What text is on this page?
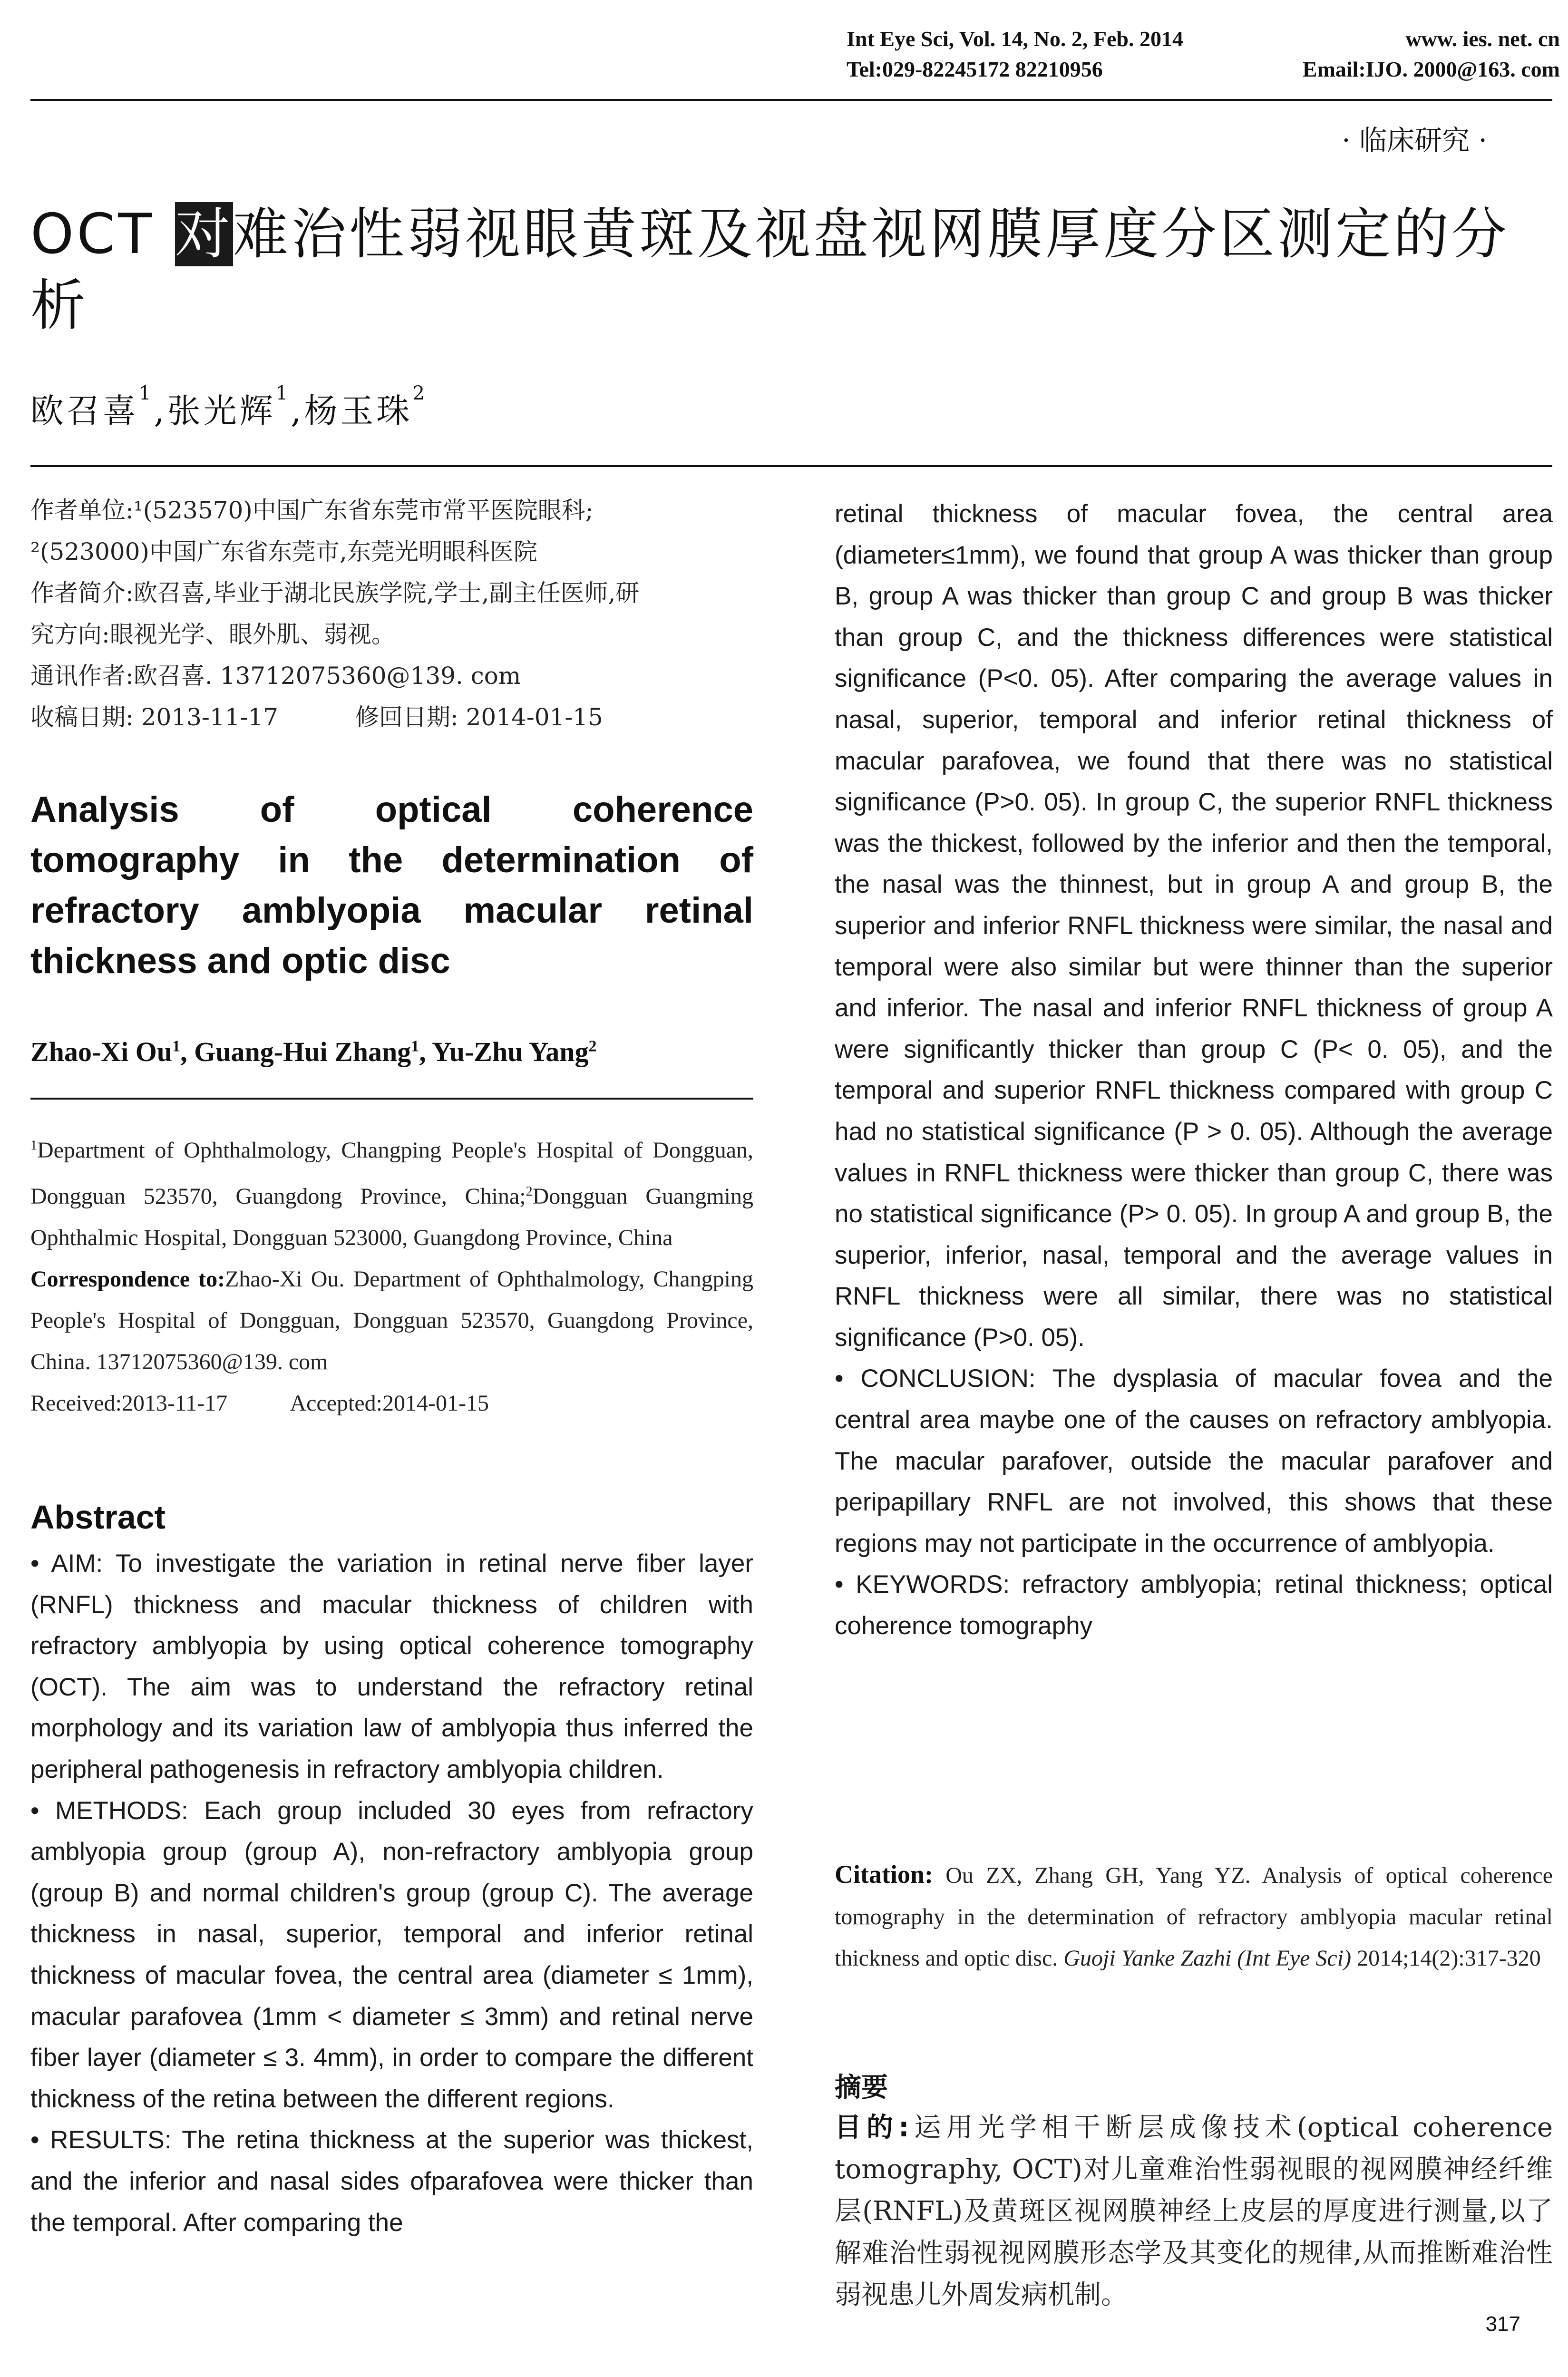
Int Eye Sci, Vol. 14, No. 2, Feb. 2014	www. ies. net. cn
Tel:029-82245172 82210956	Email:IJO. 2000@163. com
· 临床研究 ·
OCT 对难治性弱视眼黄斑及视盘视网膜厚度分区测定的分析
欧召喜$^1$,张光辉$^1$,杨玉珠$^2$
作者单位:¹(523570)中国广东省东莞市常平医院眼科;
²(523000)中国广东省东莞市,东莞光明眼科医院
作者简介:欧召喜,毕业于湖北民族学院,学士,副主任医师,研
究方向:眼视光学、眼外肌、弱视。
通讯作者:欧召喜. 13712075360@139. com
收稿日期: 2013-11-17	修回日期: 2014-01-15
Analysis of optical coherence tomography in the determination of refractory amblyopia macular retinal thickness and optic disc
Zhao-Xi Ou$^1$, Guang-Hui Zhang$^1$, Yu-Zhu Yang$^2$
$^1$Department of Ophthalmology, Changping People's Hospital of Dongguan, Dongguan 523570, Guangdong Province, China;$^2$Dongguan Guangming Ophthalmic Hospital, Dongguan 523000, Guangdong Province, China
Correspondence to:Zhao-Xi Ou. Department of Ophthalmology, Changping People's Hospital of Dongguan, Dongguan 523570, Guangdong Province, China. 13712075360@139. com
Received:2013-11-17	Accepted:2014-01-15
Abstract

• AIM: To investigate the variation in retinal nerve fiber layer (RNFL) thickness and macular thickness of children with refractory amblyopia by using optical coherence tomography (OCT). The aim was to understand the refractory retinal morphology and its variation law of amblyopia thus inferred the peripheral pathogenesis in refractory amblyopia children.

• METHODS: Each group included 30 eyes from refractory amblyopia group (group A), non-refractory amblyopia group (group B) and normal children's group (group C). The average thickness in nasal, superior, temporal and inferior retinal thickness of macular fovea, the central area (diameter ≤ 1mm), macular parafovea (1mm < diameter ≤ 3mm) and retinal nerve fiber layer (diameter ≤ 3. 4mm), in order to compare the different thickness of the retina between the different regions.

• RESULTS: The retina thickness at the superior was thickest, and the inferior and nasal sides ofparafovea were thicker than the temporal. After comparing the

retinal thickness of macular fovea, the central area (diameter≤1mm), we found that group A was thicker than group B, group A was thicker than group C and group B was thicker than group C, and the thickness differences were statistical significance (P<0. 05). After comparing the average values in nasal, superior, temporal and inferior retinal thickness of macular parafovea, we found that there was no statistical significance (P>0. 05). In group C, the superior RNFL thickness was the thickest, followed by the inferior and then the temporal, the nasal was the thinnest, but in group A and group B, the superior and inferior RNFL thickness were similar, the nasal and temporal were also similar but were thinner than the superior and inferior. The nasal and inferior RNFL thickness of group A were significantly thicker than group C (P< 0. 05), and the temporal and superior RNFL thickness compared with group C had no statistical significance (P > 0. 05). Although the average values in RNFL thickness were thicker than group C, there was no statistical significance (P> 0. 05). In group A and group B, the superior, inferior, nasal, temporal and the average values in RNFL thickness were all similar, there was no statistical significance (P>0. 05).

• CONCLUSION: The dysplasia of macular fovea and the central area maybe one of the causes on refractory amblyopia. The macular parafover, outside the macular parafover and peripapillary RNFL are not involved, this shows that these regions may not participate in the occurrence of amblyopia.

• KEYWORDS: refractory amblyopia; retinal thickness; optical coherence tomography

Citation: Ou ZX, Zhang GH, Yang YZ. Analysis of optical coherence tomography in the determination of refractory amblyopia macular retinal thickness and optic disc. Guoji Yanke Zazhi (Int Eye Sci) 2014;14(2):317-320
摘要
目的:运用光学相干断层成像技术(optical coherence tomography, OCT)对儿童难治性弱视眼的视网膜神经纤维层(RNFL)及黄斑区视网膜神经上皮层的厚度进行测量,以了解难治性弱视视网膜形态学及其变化的规律,从而推断难治性弱视患儿外周发病机制。
317
